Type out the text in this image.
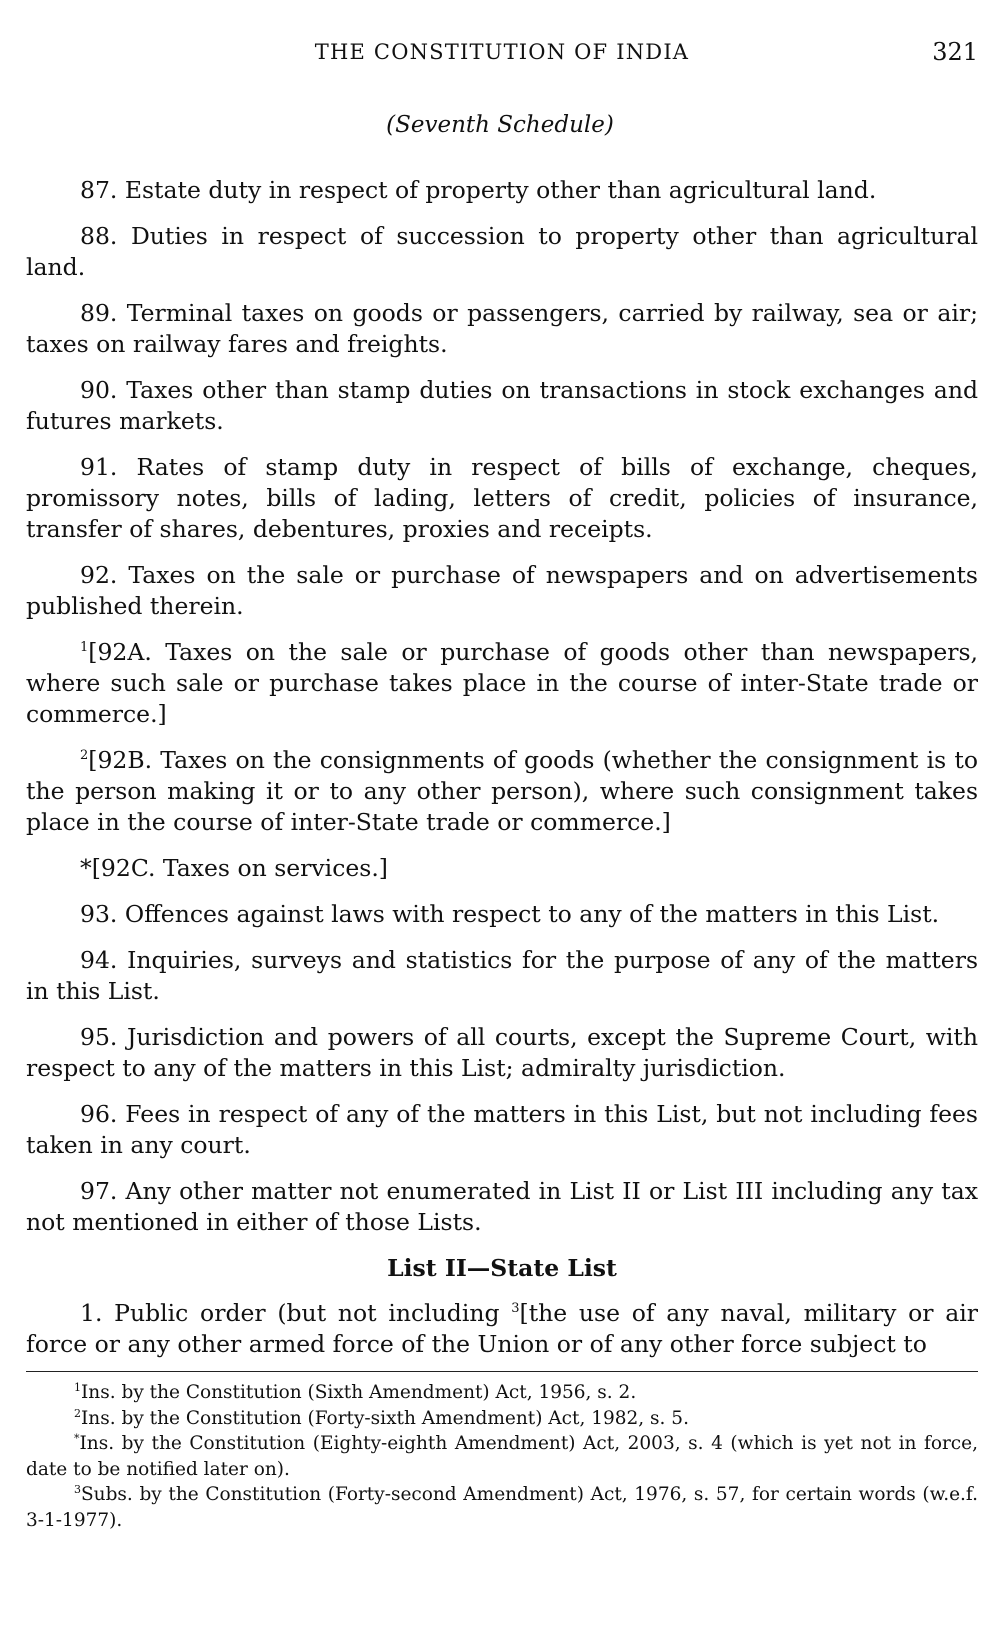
THE CONSTITUTION OF INDIA	321
(Seventh Schedule)

87. Estate duty in respect of property other than agricultural land.

88. Duties in respect of succession to property other than agricultural land.

89. Terminal taxes on goods or passengers, carried by railway, sea or air; taxes on railway fares and freights.

90. Taxes other than stamp duties on transactions in stock exchanges and futures markets.

91. Rates of stamp duty in respect of bills of exchange, cheques, promissory notes, bills of lading, letters of credit, policies of insurance, transfer of shares, debentures, proxies and receipts.

92. Taxes on the sale or purchase of newspapers and on advertisements published therein.

$^1$[92A. Taxes on the sale or purchase of goods other than newspapers, where such sale or purchase takes place in the course of inter-State trade or commerce.]

$^2$[92B. Taxes on the consignments of goods (whether the consignment is to the person making it or to any other person), where such consignment takes place in the course of inter-State trade or commerce.]

*[92C. Taxes on services.]

93. Offences against laws with respect to any of the matters in this List.

94. Inquiries, surveys and statistics for the purpose of any of the matters in this List.

95. Jurisdiction and powers of all courts, except the Supreme Court, with respect to any of the matters in this List; admiralty jurisdiction.

96. Fees in respect of any of the matters in this List, but not including fees taken in any court.

97. Any other matter not enumerated in List II or List III including any tax not mentioned in either of those Lists.

List II—State List

1. Public order (but not including $^3$[the use of any naval, military or air force or any other armed force of the Union or of any other force subject to

$^1$Ins. by the Constitution (Sixth Amendment) Act, 1956, s. 2.

$^2$Ins. by the Constitution (Forty-sixth Amendment) Act, 1982, s. 5.

*Ins. by the Constitution (Eighty-eighth Amendment) Act, 2003, s. 4 (which is yet not in force, date to be notified later on).

$^3$Subs. by the Constitution (Forty-second Amendment) Act, 1976, s. 57, for certain words (w.e.f. 3-1-1977).
